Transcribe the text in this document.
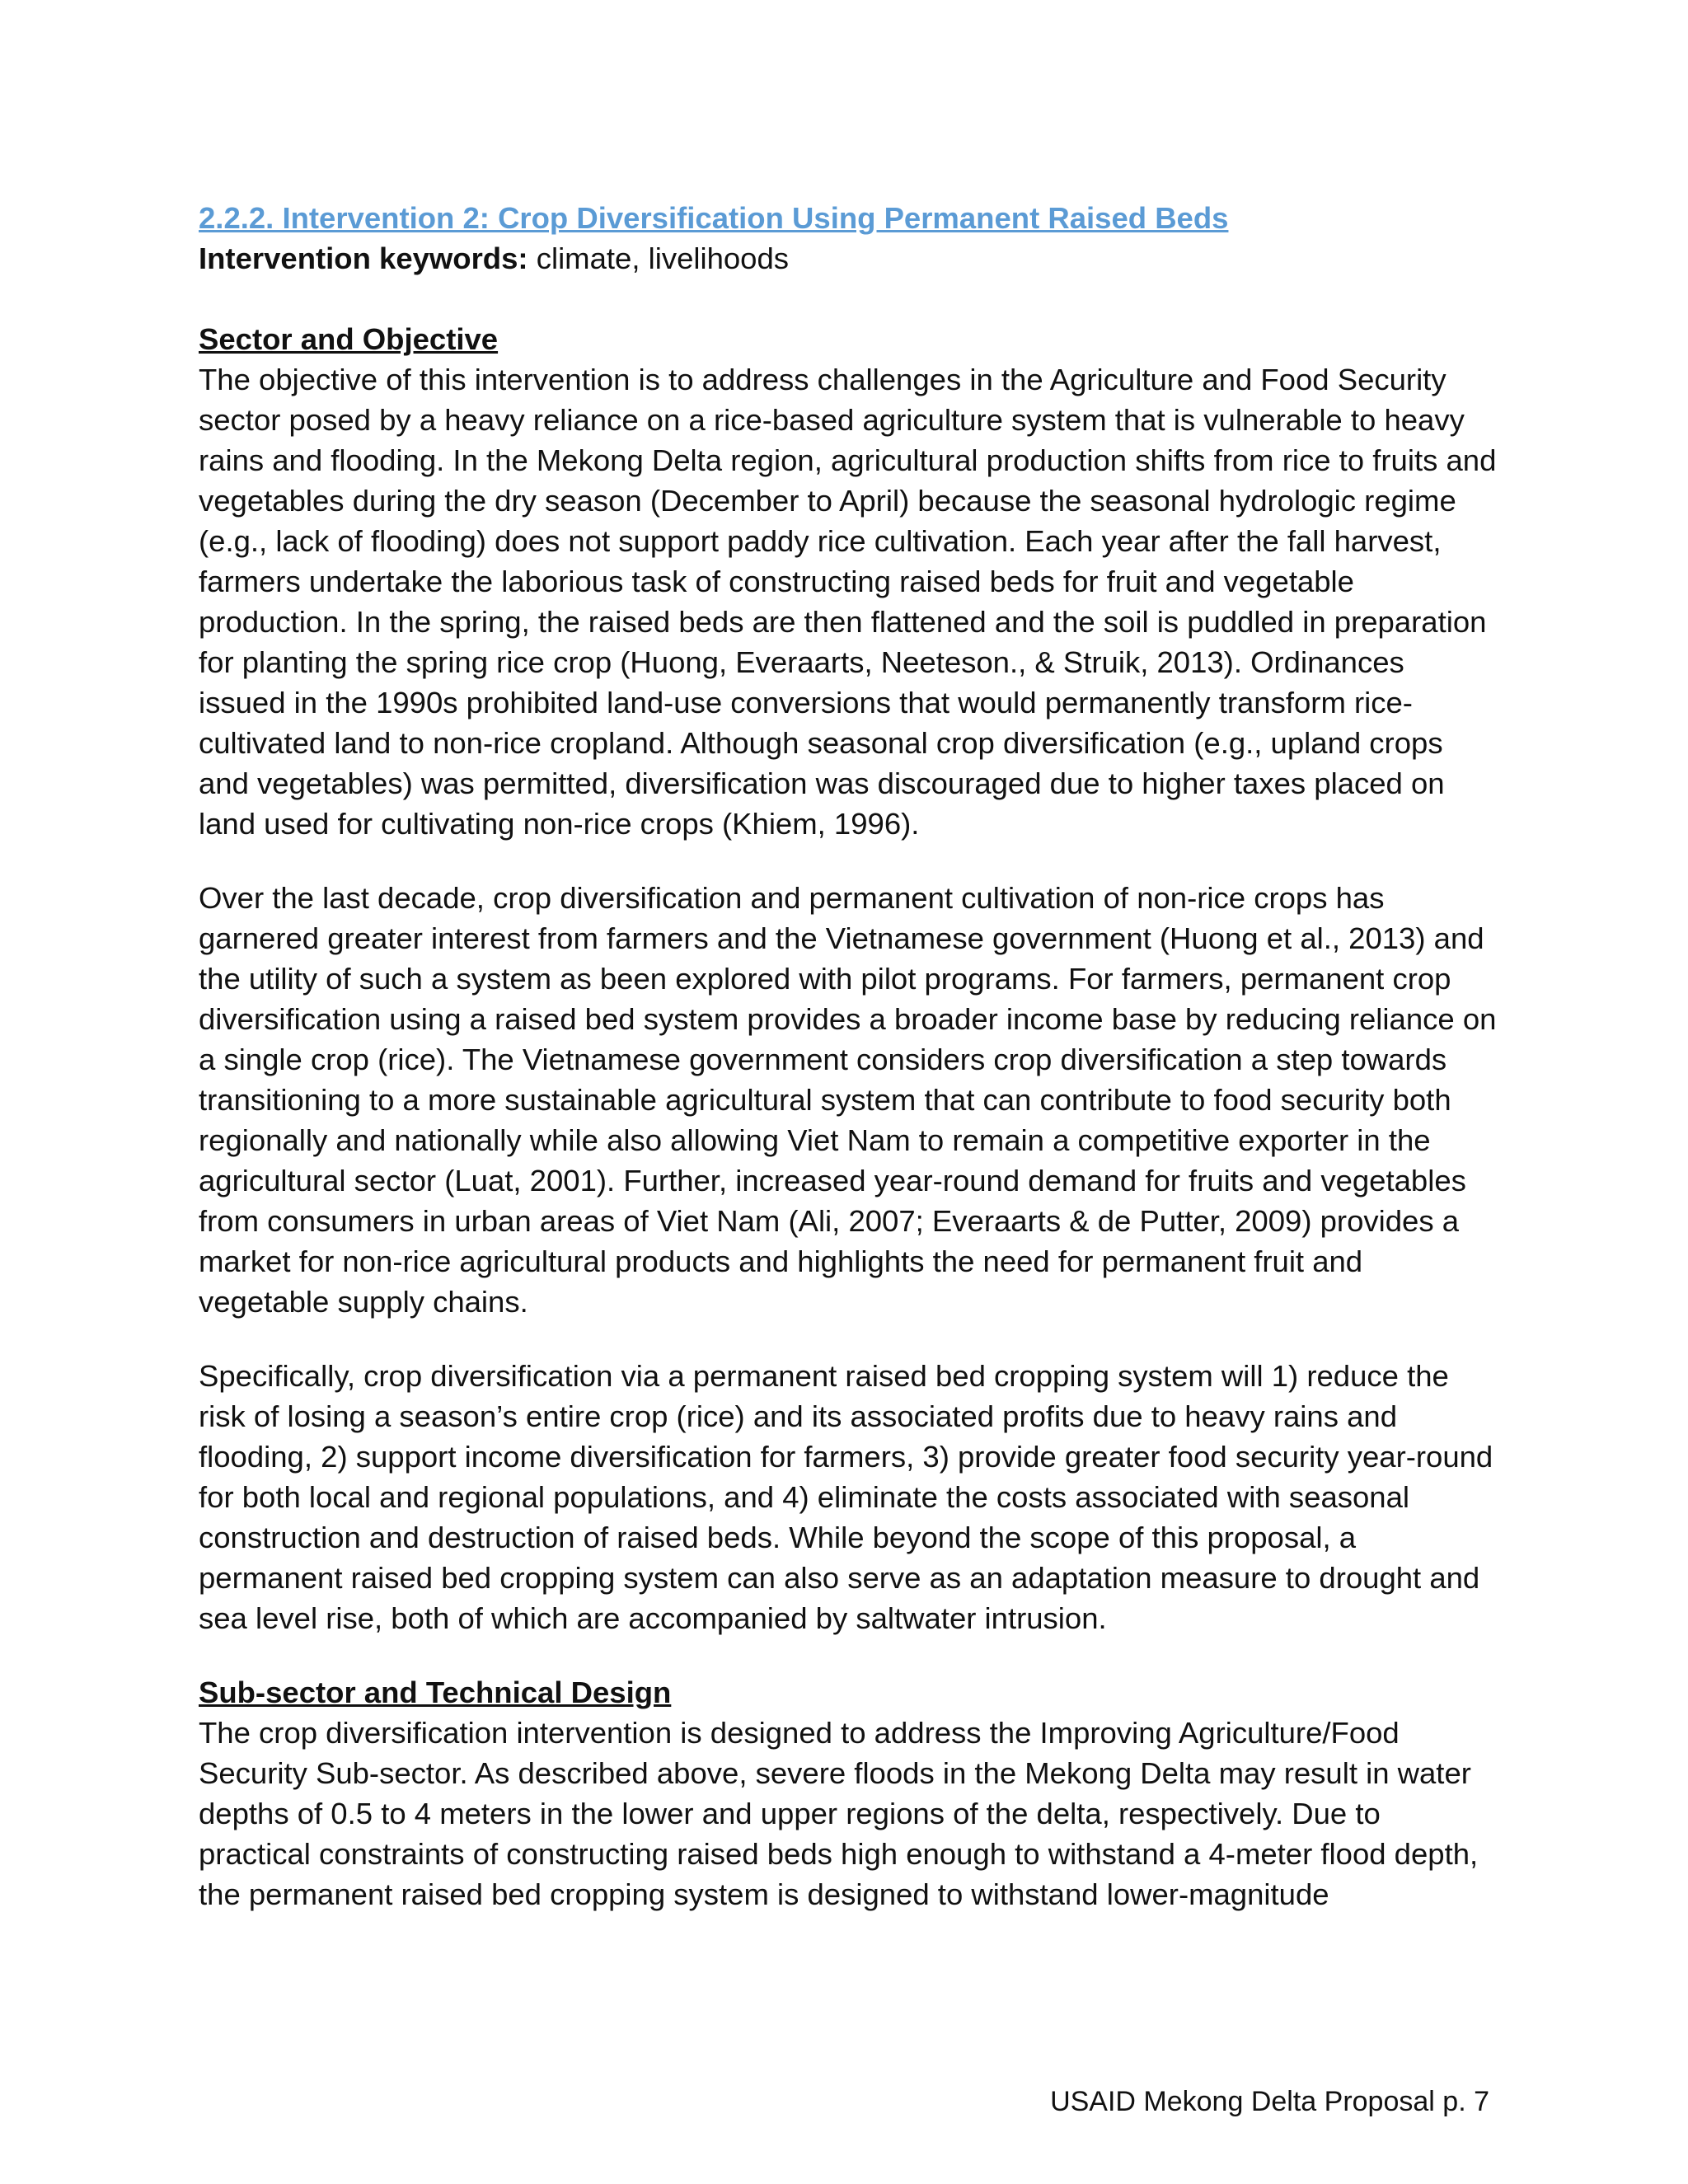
2.2.2. Intervention 2: Crop Diversification Using Permanent Raised Beds

Intervention keywords: climate, livelihoods

Sector and Objective

The objective of this intervention is to address challenges in the Agriculture and Food Security sector posed by a heavy reliance on a rice-based agriculture system that is vulnerable to heavy rains and flooding. In the Mekong Delta region, agricultural production shifts from rice to fruits and vegetables during the dry season (December to April) because the seasonal hydrologic regime (e.g., lack of flooding) does not support paddy rice cultivation. Each year after the fall harvest, farmers undertake the laborious task of constructing raised beds for fruit and vegetable production. In the spring, the raised beds are then flattened and the soil is puddled in preparation for planting the spring rice crop (Huong, Everaarts, Neeteson., & Struik, 2013). Ordinances issued in the 1990s prohibited land-use conversions that would permanently transform rice-cultivated land to non-rice cropland. Although seasonal crop diversification (e.g., upland crops and vegetables) was permitted, diversification was discouraged due to higher taxes placed on land used for cultivating non-rice crops (Khiem, 1996).

Over the last decade, crop diversification and permanent cultivation of non-rice crops has garnered greater interest from farmers and the Vietnamese government (Huong et al., 2013) and the utility of such a system as been explored with pilot programs. For farmers, permanent crop diversification using a raised bed system provides a broader income base by reducing reliance on a single crop (rice). The Vietnamese government considers crop diversification a step towards transitioning to a more sustainable agricultural system that can contribute to food security both regionally and nationally while also allowing Viet Nam to remain a competitive exporter in the agricultural sector (Luat, 2001). Further, increased year-round demand for fruits and vegetables from consumers in urban areas of Viet Nam (Ali, 2007; Everaarts & de Putter, 2009) provides a market for non-rice agricultural products and highlights the need for permanent fruit and vegetable supply chains.

Specifically, crop diversification via a permanent raised bed cropping system will 1) reduce the risk of losing a season’s entire crop (rice) and its associated profits due to heavy rains and flooding, 2) support income diversification for farmers, 3) provide greater food security year-round for both local and regional populations, and 4) eliminate the costs associated with seasonal construction and destruction of raised beds. While beyond the scope of this proposal, a permanent raised bed cropping system can also serve as an adaptation measure to drought and sea level rise, both of which are accompanied by saltwater intrusion.

Sub-sector and Technical Design

The crop diversification intervention is designed to address the Improving Agriculture/Food Security Sub-sector. As described above, severe floods in the Mekong Delta may result in water depths of 0.5 to 4 meters in the lower and upper regions of the delta, respectively. Due to practical constraints of constructing raised beds high enough to withstand a 4-meter flood depth, the permanent raised bed cropping system is designed to withstand lower-magnitude

USAID Mekong Delta Proposal p. 7
